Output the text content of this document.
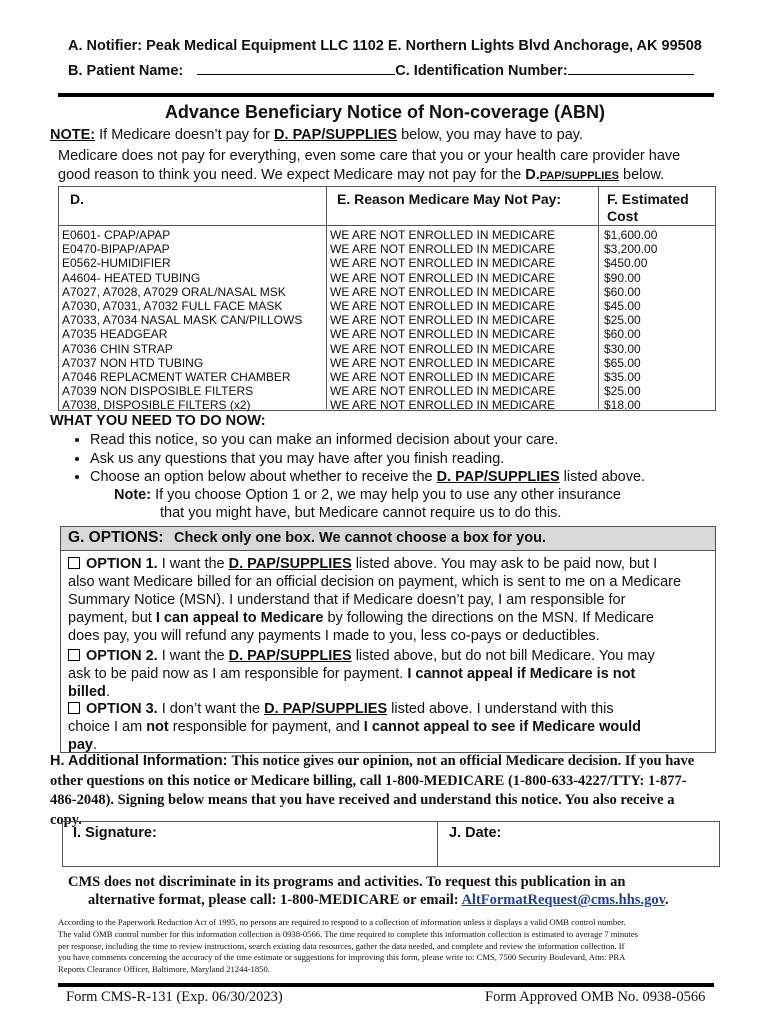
A. Notifier: Peak Medical Equipment LLC 1102 E. Northern Lights Blvd Anchorage, AK 99508
B. Patient Name:	C. Identification Number:
Advance Beneficiary Notice of Non-coverage (ABN)
NOTE: If Medicare doesn’t pay for D. PAP/SUPPLIES below, you may have to pay.
Medicare does not pay for everything, even some care that you or your health care provider have
good reason to think you need. We expect Medicare may not pay for the D.PAP/SUPPLIES below.
D.	E. Reason Medicare May Not Pay:	F. Estimated Cost
E0601- CPAP/APAP	WE ARE NOT ENROLLED IN MEDICARE	$1,600.00
E0470-BIPAP/APAP	WE ARE NOT ENROLLED IN MEDICARE	$3,200.00
E0562-HUMIDIFIER	WE ARE NOT ENROLLED IN MEDICARE	$450.00
A4604- HEATED TUBING	WE ARE NOT ENROLLED IN MEDICARE	$90.00
A7027, A7028, A7029 ORAL/NASAL MSK	WE ARE NOT ENROLLED IN MEDICARE	$60.00
A7030, A7031, A7032 FULL FACE MASK	WE ARE NOT ENROLLED IN MEDICARE	$45.00
A7033, A7034 NASAL MASK CAN/PILLOWS	WE ARE NOT ENROLLED IN MEDICARE	$25.00
A7035 HEADGEAR	WE ARE NOT ENROLLED IN MEDICARE	$60.00
A7036 CHIN STRAP	WE ARE NOT ENROLLED IN MEDICARE	$30.00
A7037 NON HTD TUBING	WE ARE NOT ENROLLED IN MEDICARE	$65.00
A7046 REPLACMENT WATER CHAMBER	WE ARE NOT ENROLLED IN MEDICARE	$35.00
A7039 NON DISPOSIBLE FILTERS	WE ARE NOT ENROLLED IN MEDICARE	$25.00
A7038, DISPOSIBLE FILTERS (x2)	WE ARE NOT ENROLLED IN MEDICARE	$18.00
WHAT YOU NEED TO DO NOW:
• Read this notice, so you can make an informed decision about your care.
• Ask us any questions that you may have after you finish reading.
• Choose an option below about whether to receive the D. PAP/SUPPLIES listed above.
Note: If you choose Option 1 or 2, we may help you to use any other insurance
that you might have, but Medicare cannot require us to do this.
G. OPTIONS: Check only one box. We cannot choose a box for you.
OPTION 1. I want the D. PAP/SUPPLIES listed above. You may ask to be paid now, but I
also want Medicare billed for an official decision on payment, which is sent to me on a Medicare
Summary Notice (MSN). I understand that if Medicare doesn’t pay, I am responsible for
payment, but I can appeal to Medicare by following the directions on the MSN. If Medicare
does pay, you will refund any payments I made to you, less co-pays or deductibles.
OPTION 2. I want the D. PAP/SUPPLIES listed above, but do not bill Medicare. You may
ask to be paid now as I am responsible for payment. I cannot appeal if Medicare is not
billed.
OPTION 3. I don’t want the D. PAP/SUPPLIES listed above. I understand with this
choice I am not responsible for payment, and I cannot appeal to see if Medicare would
pay.
H. Additional Information: This notice gives our opinion, not an official Medicare decision. If you have
other questions on this notice or Medicare billing, call 1-800-MEDICARE (1-800-633-4227/TTY: 1-877-
486-2048). Signing below means that you have received and understand this notice. You also receive a
copy.
I. Signature:	J. Date:
CMS does not discriminate in its programs and activities. To request this publication in an
alternative format, please call: 1-800-MEDICARE or email: AltFormatRequest@cms.hhs.gov.
According to the Paperwork Reduction Act of 1995, no persons are required to respond to a collection of information unless it displays a valid OMB control number.
The valid OMB control number for this information collection is 0938-0566. The time required to complete this information collection is estimated to average 7 minutes
per response, including the time to review instructions, search existing data resources, gather the data needed, and complete and review the information collection. If
you have comments concerning the accuracy of the time estimate or suggestions for improving this form, please write to: CMS, 7500 Security Boulevard, Attn: PRA
Reports Clearance Officer, Baltimore, Maryland 21244-1850.
Form CMS-R-131 (Exp. 06/30/2023)	Form Approved OMB No. 0938-0566
